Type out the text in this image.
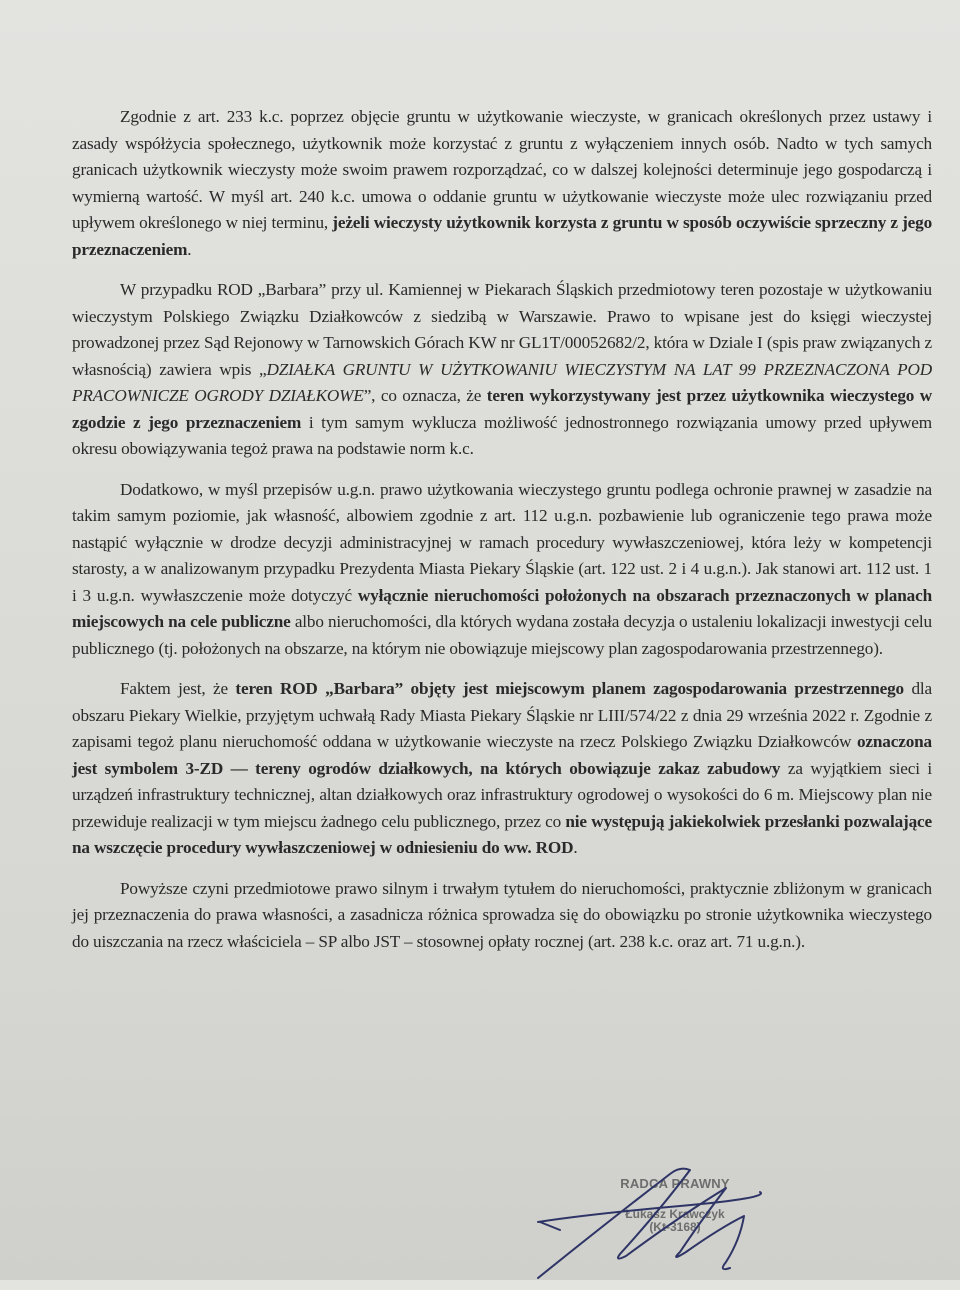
Zgodnie z art. 233 k.c. poprzez objęcie gruntu w użytkowanie wieczyste, w granicach określonych przez ustawy i zasady współżycia społecznego, użytkownik może korzystać z gruntu z wyłączeniem innych osób. Nadto w tych samych granicach użytkownik wieczysty może swoim prawem rozporządzać, co w dalszej kolejności determinuje jego gospodarczą i wymierną wartość. W myśl art. 240 k.c. umowa o oddanie gruntu w użytkowanie wieczyste może ulec rozwiązaniu przed upływem określonego w niej terminu, jeżeli wieczysty użytkownik korzysta z gruntu w sposób oczywiście sprzeczny z jego przeznaczeniem.

W przypadku ROD „Barbara” przy ul. Kamiennej w Piekarach Śląskich przedmiotowy teren pozostaje w użytkowaniu wieczystym Polskiego Związku Działkowców z siedzibą w Warszawie. Prawo to wpisane jest do księgi wieczystej prowadzonej przez Sąd Rejonowy w Tarnowskich Górach KW nr GL1T/00052682/2, która w Dziale I (spis praw związanych z własnością) zawiera wpis „DZIAŁKA GRUNTU W UŻYTKOWANIU WIECZYSTYM NA LAT 99 PRZEZNACZONA POD PRACOWNICZE OGRODY DZIAŁKOWE”, co oznacza, że teren wykorzystywany jest przez użytkownika wieczystego w zgodzie z jego przeznaczeniem i tym samym wyklucza możliwość jednostronnego rozwiązania umowy przed upływem okresu obowiązywania tegoż prawa na podstawie norm k.c.

Dodatkowo, w myśl przepisów u.g.n. prawo użytkowania wieczystego gruntu podlega ochronie prawnej w zasadzie na takim samym poziomie, jak własność, albowiem zgodnie z art. 112 u.g.n. pozbawienie lub ograniczenie tego prawa może nastąpić wyłącznie w drodze decyzji administracyjnej w ramach procedury wywłaszczeniowej, która leży w kompetencji starosty, a w analizowanym przypadku Prezydenta Miasta Piekary Śląskie (art. 122 ust. 2 i 4 u.g.n.). Jak stanowi art. 112 ust. 1 i 3 u.g.n. wywłaszczenie może dotyczyć wyłącznie nieruchomości położonych na obszarach przeznaczonych w planach miejscowych na cele publiczne albo nieruchomości, dla których wydana została decyzja o ustaleniu lokalizacji inwestycji celu publicznego (tj. położonych na obszarze, na którym nie obowiązuje miejscowy plan zagospodarowania przestrzennego).

Faktem jest, że teren ROD „Barbara” objęty jest miejscowym planem zagospodarowania przestrzennego dla obszaru Piekary Wielkie, przyjętym uchwałą Rady Miasta Piekary Śląskie nr LIII/574/22 z dnia 29 września 2022 r. Zgodnie z zapisami tegoż planu nieruchomość oddana w użytkowanie wieczyste na rzecz Polskiego Związku Działkowców oznaczona jest symbolem 3-ZD — tereny ogrodów działkowych, na których obowiązuje zakaz zabudowy za wyjątkiem sieci i urządzeń infrastruktury technicznej, altan działkowych oraz infrastruktury ogrodowej o wysokości do 6 m. Miejscowy plan nie przewiduje realizacji w tym miejscu żadnego celu publicznego, przez co nie występują jakiekolwiek przesłanki pozwalające na wszczęcie procedury wywłaszczeniowej w odniesieniu do ww. ROD.

Powyższe czyni przedmiotowe prawo silnym i trwałym tytułem do nieruchomości, praktycznie zbliżonym w granicach jej przeznaczenia do prawa własności, a zasadnicza różnica sprowadza się do obowiązku po stronie użytkownika wieczystego do uiszczania na rzecz właściciela – SP albo JST – stosownej opłaty rocznej (art. 238 k.c. oraz art. 71 u.g.n.).

RADCA PRAWNY
Łukasz Krawczyk
(Kt-3168)
